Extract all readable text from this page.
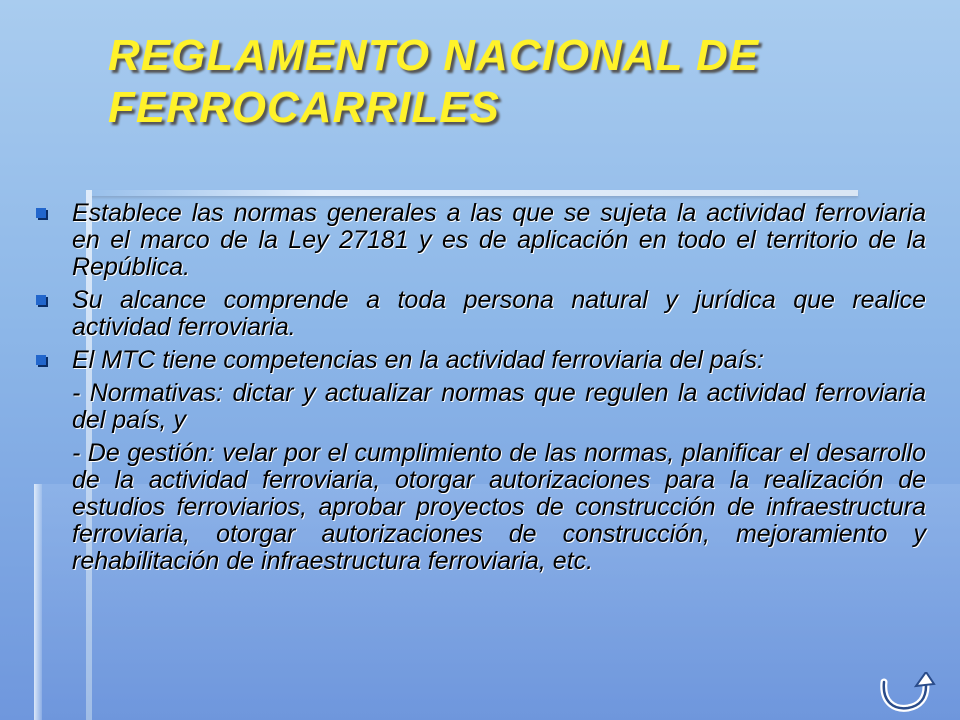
REGLAMENTO NACIONAL DE
FERROCARRILES
Establece las normas generales a las que se sujeta la actividad ferroviaria en el marco de la Ley 27181 y es de aplicación en todo el territorio de la República.
Su alcance comprende a toda persona natural y jurídica que realice actividad ferroviaria.
El MTC tiene competencias en la actividad ferroviaria del país:
- Normativas: dictar y actualizar normas que regulen la actividad ferroviaria del país, y
- De gestión: velar por el cumplimiento de las normas, planificar el desarrollo de la actividad ferroviaria, otorgar autorizaciones para la realización de estudios ferroviarios, aprobar proyectos de construcción de infraestructura ferroviaria, otorgar autorizaciones de construcción, mejoramiento y rehabilitación de infraestructura ferroviaria, etc.
